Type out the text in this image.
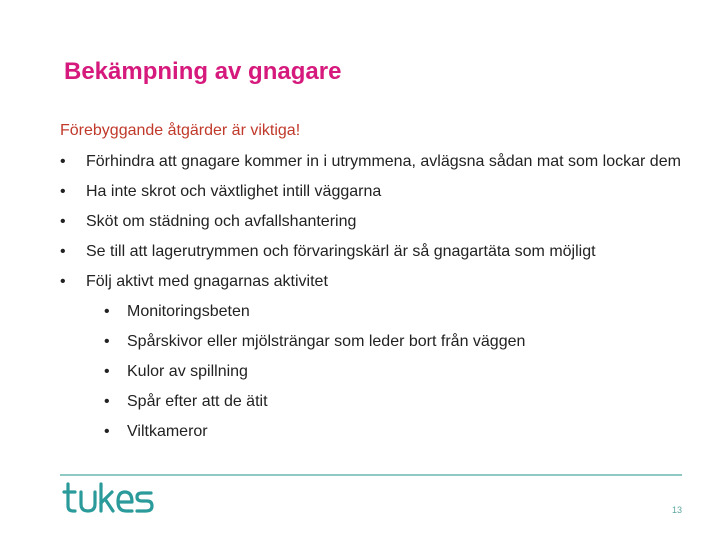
Bekämpning av gnagare
Förebyggande åtgärder är viktiga!
• Förhindra att gnagare kommer in i utrymmena, avlägsna sådan mat som lockar dem
• Ha inte skrot och växtlighet intill väggarna
• Sköt om städning och avfallshantering
• Se till att lagerutrymmen och förvaringskärl är så gnagartäta som möjligt
• Följ aktivt med gnagarnas aktivitet
• Monitoringsbeten
• Spårskivor eller mjölsträngar som leder bort från väggen
• Kulor av spillning
• Spår efter att de ätit
• Viltkameror
13
